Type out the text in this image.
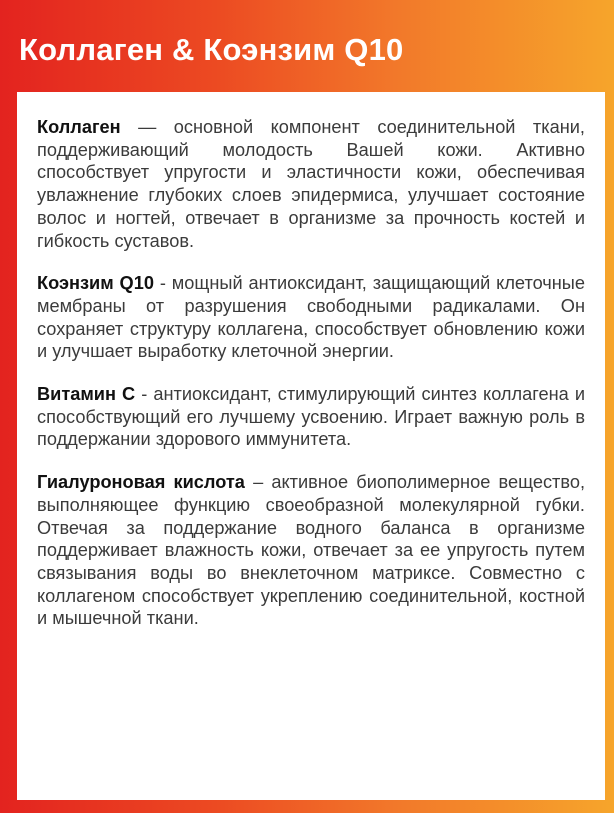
Коллаген & Коэнзим Q10

Коллаген — основной компонент соединительной ткани, поддерживающий молодость Вашей кожи. Активно способствует упругости и эластичности кожи, обеспечивая увлажнение глубоких слоев эпидермиса, улучшает состояние волос и ногтей, отвечает в организме за прочность костей и гибкость суставов.

Коэнзим Q10 - мощный антиоксидант, защищающий клеточные мембраны от разрушения свободными радикалами. Он сохраняет структуру коллагена, способствует обновлению кожи и улучшает выработку клеточной энергии.

Витамин С - антиоксидант, стимулирующий синтез коллагена и способствующий его лучшему усвоению. Играет важную роль в поддержании здорового иммунитета.

Гиалуроновая кислота – активное биополимерное вещество, выполняющее функцию своеобразной молекулярной губки. Отвечая за поддержание водного баланса в организме поддерживает влажность кожи, отвечает за ее упругость путем связывания воды во внеклеточном матриксе. Совместно с коллагеном способствует укреплению соединительной, костной и мышечной ткани.
